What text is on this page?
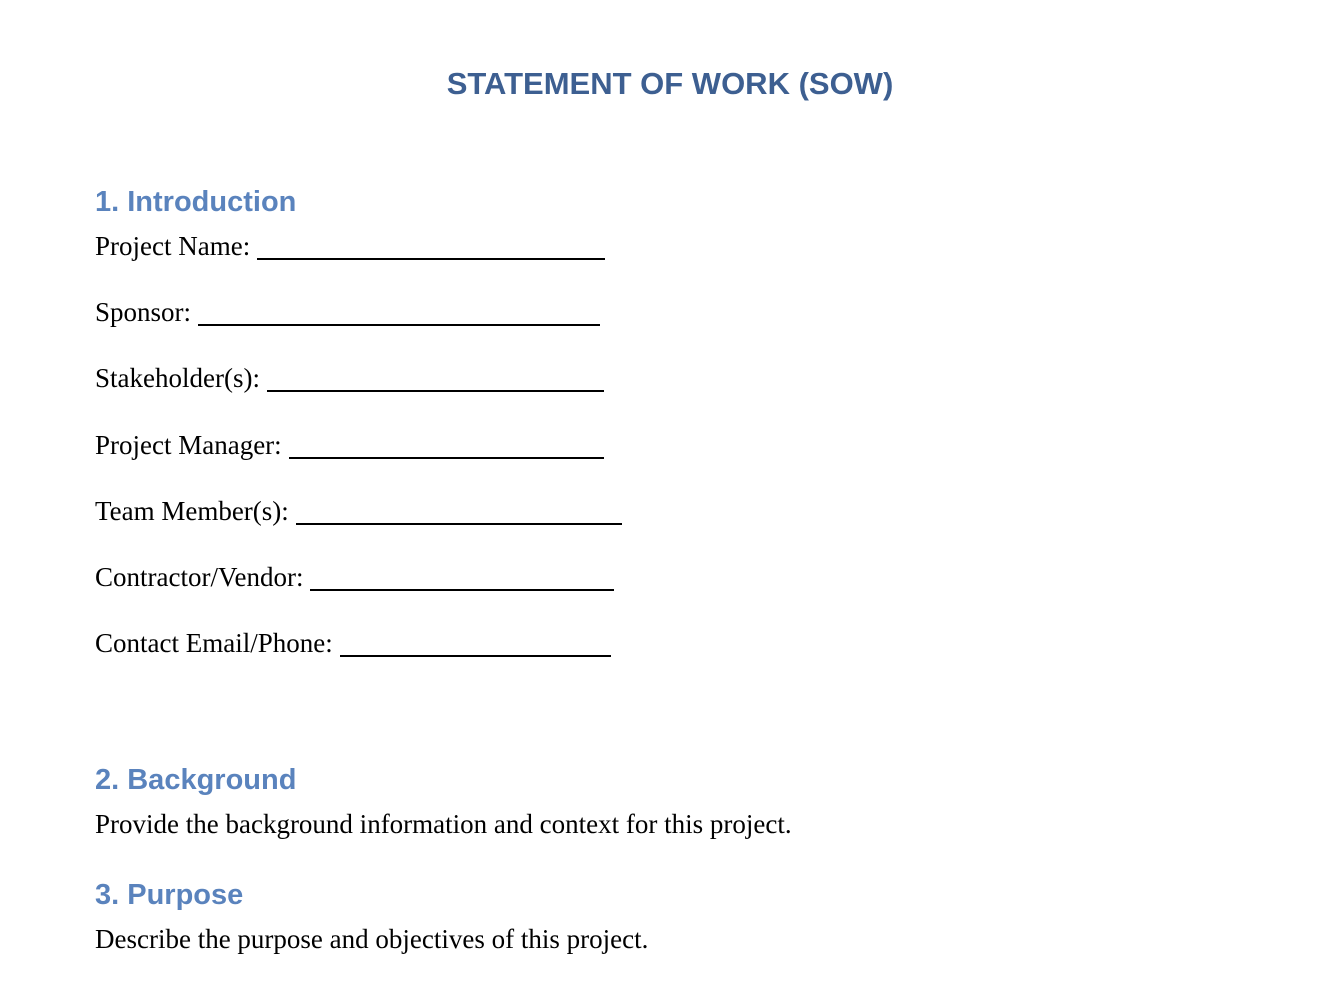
STATEMENT OF WORK (SOW)
1. Introduction
Project Name:
Sponsor:
Stakeholder(s):
Project Manager:
Team Member(s):
Contractor/Vendor:
Contact Email/Phone:
2. Background

Provide the background information and context for this project.

3. Purpose

Describe the purpose and objectives of this project.
